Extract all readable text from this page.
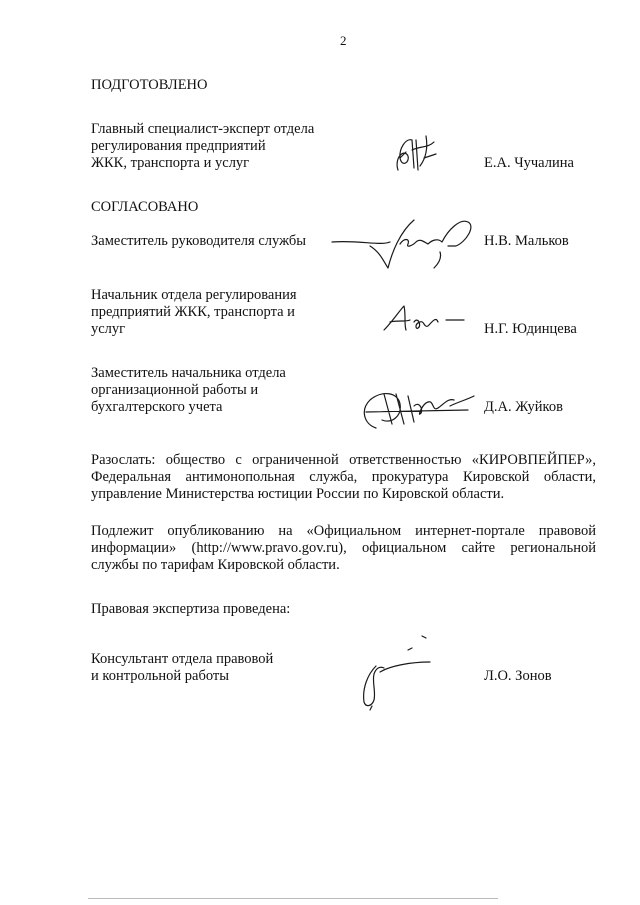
2
ПОДГОТОВЛЕНО
Главный специалист-эксперт отдела
регулирования предприятий
ЖКК, транспорта и услуг	Е.А. Чучалина
СОГЛАСОВАНО
Заместитель руководителя службы	Н.В. Мальков
Начальник отдела регулирования
предприятий ЖКК, транспорта и
услуг	Н.Г. Юдинцева
Заместитель начальника отдела
организационной работы и
бухгалтерского учета	Д.А. Жуйков
Разослать: общество с ограниченной ответственностью «КИРОВПЕЙПЕР», Федеральная антимонопольная служба, прокуратура Кировской области, управление Министерства юстиции России по Кировской области.
Подлежит опубликованию на «Официальном интернет-портале правовой информации» (http://www.pravo.gov.ru), официальном сайте региональной службы по тарифам Кировской области.
Правовая экспертиза проведена:
Консультант отдела правовой
и контрольной работы	Л.О. Зонов
